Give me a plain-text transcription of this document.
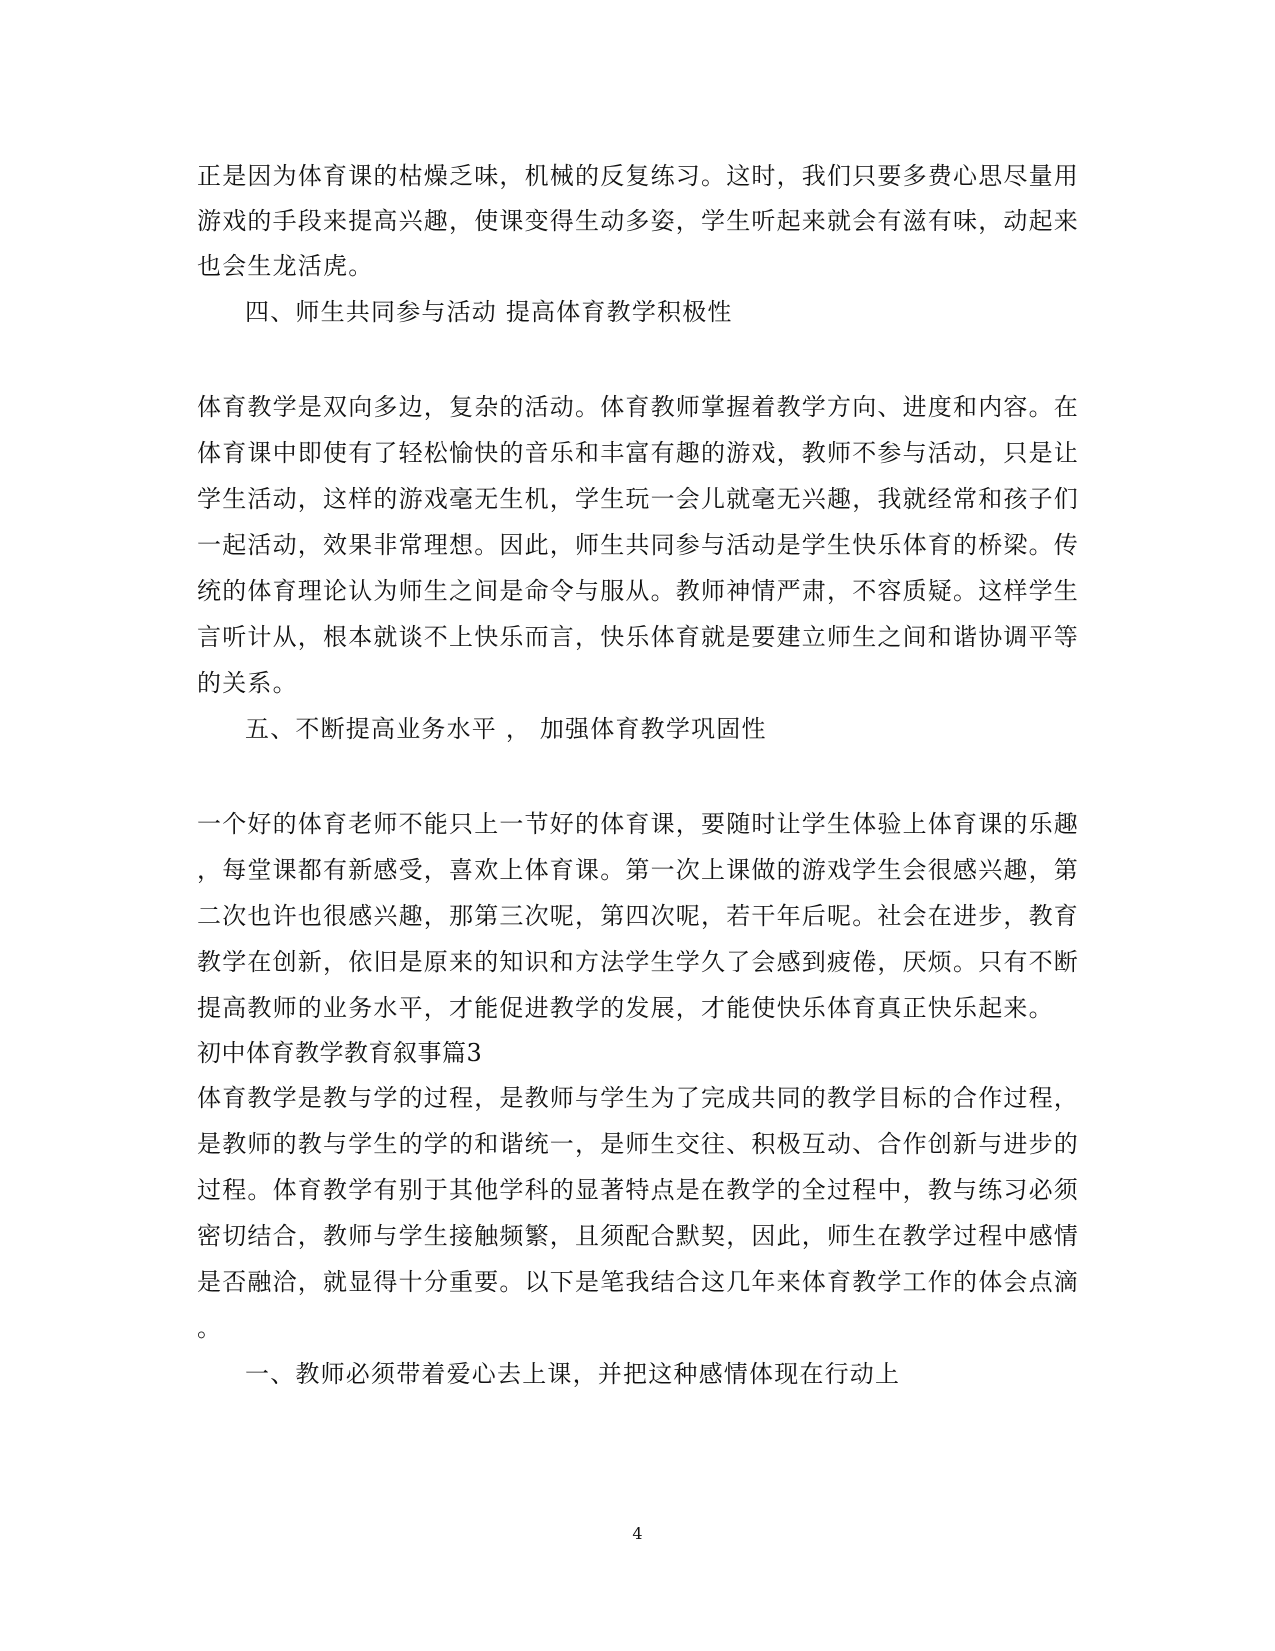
正是因为体育课的枯燥乏味，机械的反复练习。这时，我们只要多费心思尽量用
游戏的手段来提高兴趣，使课变得生动多姿，学生听起来就会有滋有味，动起来
也会生龙活虎。
四、师生共同参与活动 提高体育教学积极性
体育教学是双向多边，复杂的活动。体育教师掌握着教学方向、进度和内容。在
体育课中即使有了轻松愉快的音乐和丰富有趣的游戏，教师不参与活动，只是让
学生活动，这样的游戏毫无生机，学生玩一会儿就毫无兴趣，我就经常和孩子们
一起活动，效果非常理想。因此，师生共同参与活动是学生快乐体育的桥梁。传
统的体育理论认为师生之间是命令与服从。教师神情严肃，不容质疑。这样学生
言听计从，根本就谈不上快乐而言，快乐体育就是要建立师生之间和谐协调平等
的关系。
五、不断提高业务水平 ， 加强体育教学巩固性
一个好的体育老师不能只上一节好的体育课，要随时让学生体验上体育课的乐趣
，每堂课都有新感受，喜欢上体育课。第一次上课做的游戏学生会很感兴趣，第
二次也许也很感兴趣，那第三次呢，第四次呢，若干年后呢。社会在进步，教育
教学在创新，依旧是原来的知识和方法学生学久了会感到疲倦，厌烦。只有不断
提高教师的业务水平，才能促进教学的发展，才能使快乐体育真正快乐起来。
初中体育教学教育叙事篇3
体育教学是教与学的过程，是教师与学生为了完成共同的教学目标的合作过程，
是教师的教与学生的学的和谐统一，是师生交往、积极互动、合作创新与进步的
过程。体育教学有别于其他学科的显著特点是在教学的全过程中，教与练习必须
密切结合，教师与学生接触频繁，且须配合默契，因此，师生在教学过程中感情
是否融洽，就显得十分重要。以下是笔我结合这几年来体育教学工作的体会点滴
。
一、教师必须带着爱心去上课，并把这种感情体现在行动上
4
